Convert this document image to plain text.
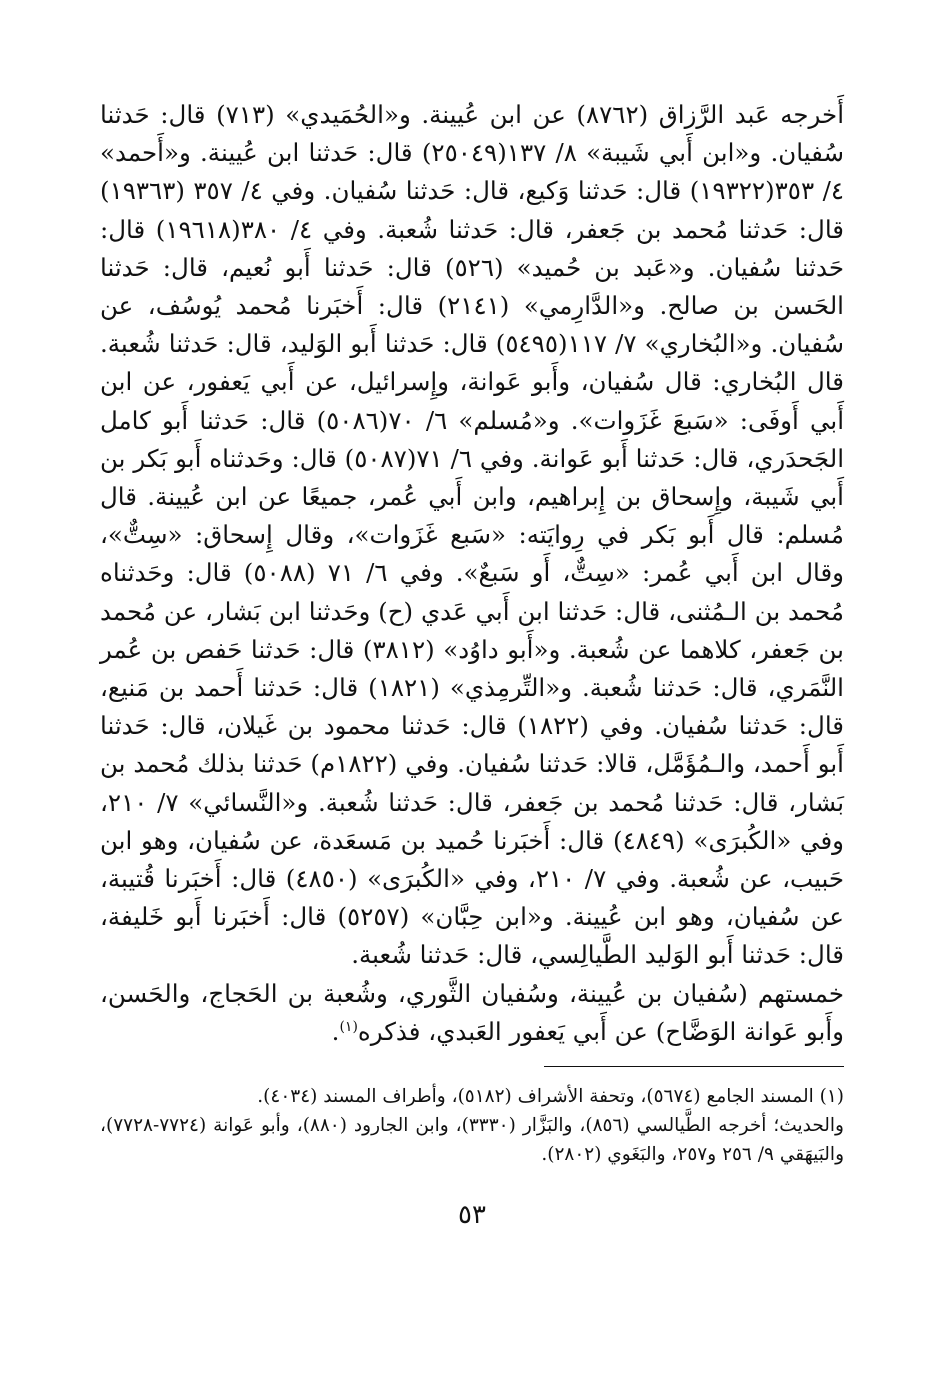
أَخرجه عَبد الرَّزاق (٨٧٦٢) عن ابن عُيينة. و«الحُمَيدي» (٧١٣) قال: حَدثنا سُفيان. و«ابن أَبي شَيبة» ٨/ ١٣٧(٢٥٠٤٩) قال: حَدثنا ابن عُيينة. و«أَحمد» ٤/ ٣٥٣(١٩٣٢٢) قال: حَدثنا وَكيع، قال: حَدثنا سُفيان. وفي ٤/ ٣٥٧ (١٩٣٦٣) قال: حَدثنا مُحمد بن جَعفر، قال: حَدثنا شُعبة. وفي ٤/ ٣٨٠(١٩٦١٨) قال: حَدثنا سُفيان. و«عَبد بن حُميد» (٥٢٦) قال: حَدثنا أَبو نُعيم، قال: حَدثنا الحَسن بن صالح. و«الدَّارِمي» (٢١٤١) قال: أَخبَرنا مُحمد يُوسُف، عن سُفيان. و«البُخاري» ٧/ ١١٧(٥٤٩٥) قال: حَدثنا أَبو الوَليد، قال: حَدثنا شُعبة. قال البُخاري: قال سُفيان، وأَبو عَوانة، وإِسرائيل، عن أَبي يَعفور، عن ابن أَبي أَوفَى: «سَبعَ غَزَوات». و«مُسلم» ٦/ ٧٠(٥٠٨٦) قال: حَدثنا أَبو كامل الجَحدَري، قال: حَدثنا أَبو عَوانة. وفي ٦/ ٧١(٥٠٨٧) قال: وحَدثناه أَبو بَكر بن أَبي شَيبة، وإِسحاق بن إِبراهيم، وابن أَبي عُمر، جميعًا عن ابن عُيينة. قال مُسلم: قال أَبو بَكر في رِوايَته: «سَبع غَزَوات»، وقال إِسحاق: «سِتٌّ»، وقال ابن أَبي عُمر: «سِتٌّ، أَو سَبعٌ». وفي ٦/ ٧١ (٥٠٨٨) قال: وحَدثناه مُحمد بن الـمُثنى، قال: حَدثنا ابن أَبي عَدي (ح) وحَدثنا ابن بَشار، عن مُحمد بن جَعفر، كلاهما عن شُعبة. و«أَبو داوُد» (٣٨١٢) قال: حَدثنا حَفص بن عُمر النَّمَري، قال: حَدثنا شُعبة. و«التِّرمِذي» (١٨٢١) قال: حَدثنا أَحمد بن مَنيع، قال: حَدثنا سُفيان. وفي (١٨٢٢) قال: حَدثنا محمود بن غَيلان، قال: حَدثنا أَبو أَحمد، والـمُؤَمَّل، قالا: حَدثنا سُفيان. وفي (١٨٢٢م) حَدثنا بذلك مُحمد بن بَشار، قال: حَدثنا مُحمد بن جَعفر، قال: حَدثنا شُعبة. و«النَّسائي» ٧/ ٢١٠، وفي «الكُبرَى» (٤٨٤٩) قال: أَخبَرنا حُميد بن مَسعَدة، عن سُفيان، وهو ابن حَبيب، عن شُعبة. وفي ٧/ ٢١٠، وفي «الكُبرَى» (٤٨٥٠) قال: أَخبَرنا قُتيبة، عن سُفيان، وهو ابن عُيينة. و«ابن حِبَّان» (٥٢٥٧) قال: أَخبَرنا أَبو خَليفة، قال: حَدثنا أَبو الوَليد الطَّيالِسي، قال: حَدثنا شُعبة.

خمستهم (سُفيان بن عُيينة، وسُفيان الثَّوري، وشُعبة بن الحَجاج، والحَسن، وأَبو عَوانة الوَضَّاح) عن أَبي يَعفور العَبدي، فذكره$^{(١)}$.

(١) المسند الجامع (٥٦٧٤)، وتحفة الأشراف (٥١٨٢)، وأطراف المسند (٤٠٣٤).

والحديث؛ أخرجه الطَّيالسي (٨٥٦)، والبَزَّار (٣٣٣٠)، وابن الجارود (٨٨٠)، وأبو عَوانة (٧٧٢٤-٧٧٢٨)، والبَيهَقي ٩/ ٢٥٦ و٢٥٧، والبَغَوي (٢٨٠٢).

٥٣
